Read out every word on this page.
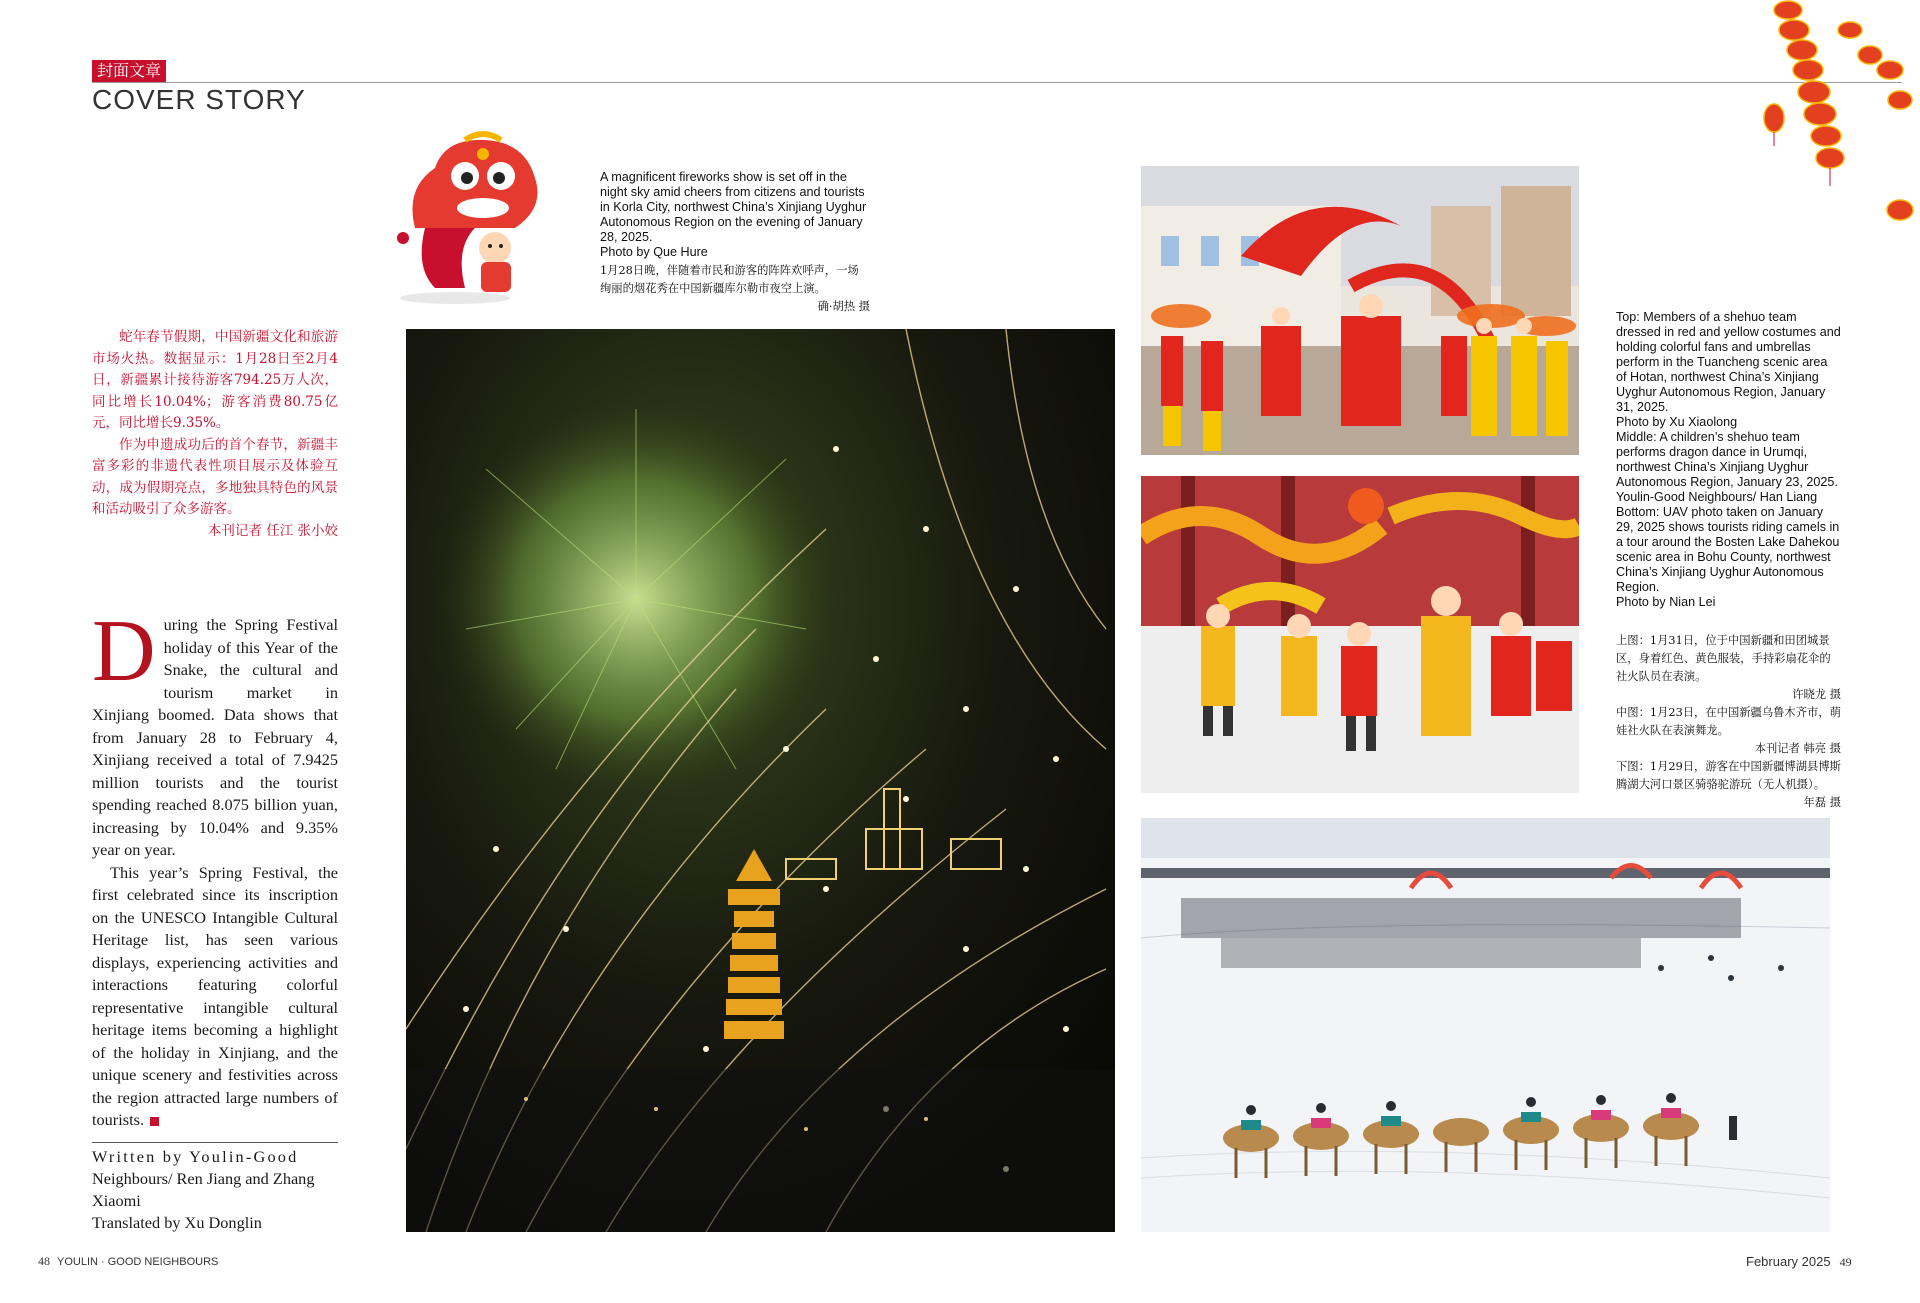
封面文章
COVER STORY
A magnificent fireworks show is set off in the night sky amid cheers from citizens and tourists in Korla City, northwest China’s Xinjiang Uyghur Autonomous Region on the evening of January 28, 2025.
Photo by Que Hure
1月28日晚，伴随着市民和游客的阵阵欢呼声，一场绚丽的烟花秀在中国新疆库尔勒市夜空上演。
确·胡热 摄

蛇年春节假期，中国新疆文化和旅游市场火热。数据显示：1月28日至2月4日，新疆累计接待游客794.25万人次，同比增长10.04%；游客消费80.75亿元，同比增长9.35%。

作为申遗成功后的首个春节，新疆丰富多彩的非遗代表性项目展示及体验互动，成为假期亮点，多地独具特色的风景和活动吸引了众多游客。

本刊记者 任江 张小姣

During the Spring Festival holiday of this Year of the Snake, the cultural and tourism market in Xinjiang boomed. Data shows that from January 28 to February 4, Xinjiang received a total of 7.9425 million tourists and the tourist spending reached 8.075 billion yuan, increasing by 10.04% and 9.35% year on year.

This year’s Spring Festival, the first celebrated since its inscription on the UNESCO Intangible Cultural Heritage list, has seen various displays, experiencing activities and interactions featuring colorful representative intangible cultural heritage items becoming a highlight of the holiday in Xinjiang, and the unique scenery and festivities across the region attracted large numbers of tourists.

Written by Youlin-Good
Neighbours/ Ren Jiang and Zhang Xiaomi
Translated by Xu Donglin
Top: Members of a shehuo team dressed in red and yellow costumes and holding colorful fans and umbrellas perform in the Tuancheng scenic area of Hotan, northwest China’s Xinjiang Uyghur Autonomous Region, January 31, 2025.
Photo by Xu Xiaolong
Middle: A children’s shehuo team performs dragon dance in Urumqi, northwest China’s Xinjiang Uyghur Autonomous Region, January 23, 2025.
Youlin-Good Neighbours/ Han Liang
Bottom: UAV photo taken on January 29, 2025 shows tourists riding camels in a tour around the Bosten Lake Dahekou scenic area in Bohu County, northwest China’s Xinjiang Uyghur Autonomous Region.
Photo by Nian Lei
上图：1月31日，位于中国新疆和田团城景区，身着红色、黄色服装，手持彩扇花伞的社火队员在表演。
许晓龙 摄
中图：1月23日，在中国新疆乌鲁木齐市，萌娃社火队在表演舞龙。
本刊记者 韩亮 摄
下图：1月29日，游客在中国新疆博湖县博斯腾湖大河口景区骑骆驼游玩（无人机摄）。
年磊 摄
48 YOULIN · GOOD NEIGHBOURS	February 2025 49
